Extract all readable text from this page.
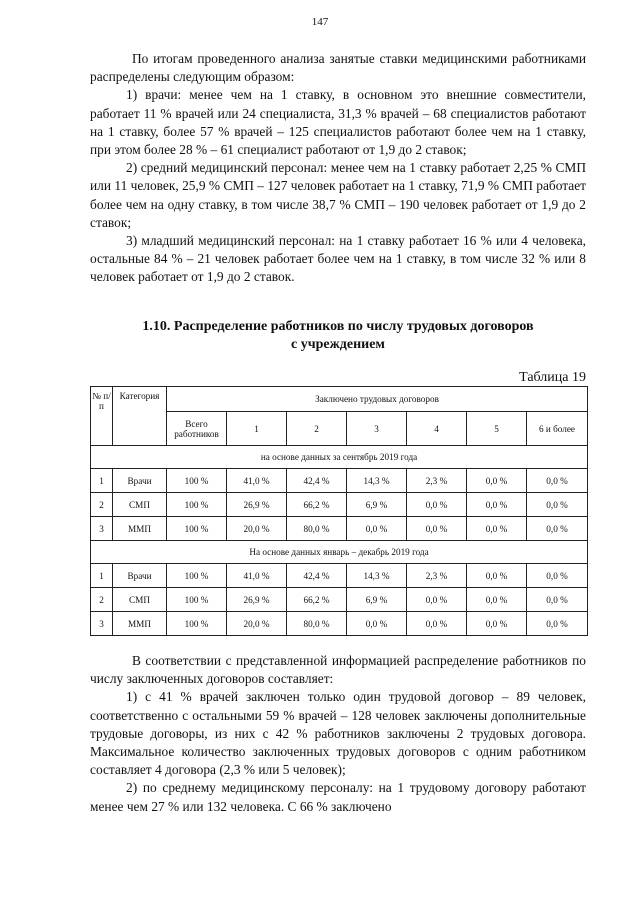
147

По итогам проведенного анализа занятые ставки медицинскими работниками распределены следующим образом:

1) врачи: менее чем на 1 ставку, в основном это внешние совместители, работает 11 % врачей или 24 специалиста, 31,3 % врачей – 68 специалистов работают на 1 ставку, более 57 % врачей – 125 специалистов работают более чем на 1 ставку, при этом более 28 % – 61 специалист работают от 1,9 до 2 ставок;

2) средний медицинский персонал: менее чем на 1 ставку работает 2,25 % СМП или 11 человек, 25,9 % СМП – 127 человек работает на 1 ставку, 71,9 % СМП работает более чем на одну ставку, в том числе 38,7 % СМП – 190 человек работает от 1,9 до 2 ставок;

3) младший медицинский персонал: на 1 ставку работает 16 % или 4 человека, остальные 84 % – 21 человек работает более чем на 1 ставку, в том числе 32 % или 8 человек работает от 1,9 до 2 ставок.

1.10. Распределение работников по числу трудовых договоров
с учреждением
Таблица 19
№ п/п	Категория	Заключено трудовых договоров						
		Всего работников	1	2	3	4	5	6 и более
на основе данных за сентябрь 2019 года								
1	Врачи	100 %	41,0 %	42,4 %	14,3 %	2,3 %	0,0 %	0,0 %
2	СМП	100 %	26,9 %	66,2 %	6,9 %	0,0 %	0,0 %	0,0 %
3	ММП	100 %	20,0 %	80,0 %	0,0 %	0,0 %	0,0 %	0,0 %
На основе данных январь – декабрь 2019 года								
1	Врачи	100 %	41,0 %	42,4 %	14,3 %	2,3 %	0,0 %	0,0 %
2	СМП	100 %	26,9 %	66,2 %	6,9 %	0,0 %	0,0 %	0,0 %
3	ММП	100 %	20,0 %	80,0 %	0,0 %	0,0 %	0,0 %	0,0 %

В соответствии с представленной информацией распределение работников по числу заключенных договоров составляет:

1) с 41 % врачей заключен только один трудовой договор – 89 человек, соответственно с остальными 59 % врачей – 128 человек заключены дополнительные трудовые договоры, из них с 42 % работников заключены 2 трудовых договора. Максимальное количество заключенных трудовых договоров с одним работником составляет 4 договора (2,3 % или 5 человек);

2) по среднему медицинскому персоналу: на 1 трудовому договору работают менее чем 27 % или 132 человека. С 66 % заключено
